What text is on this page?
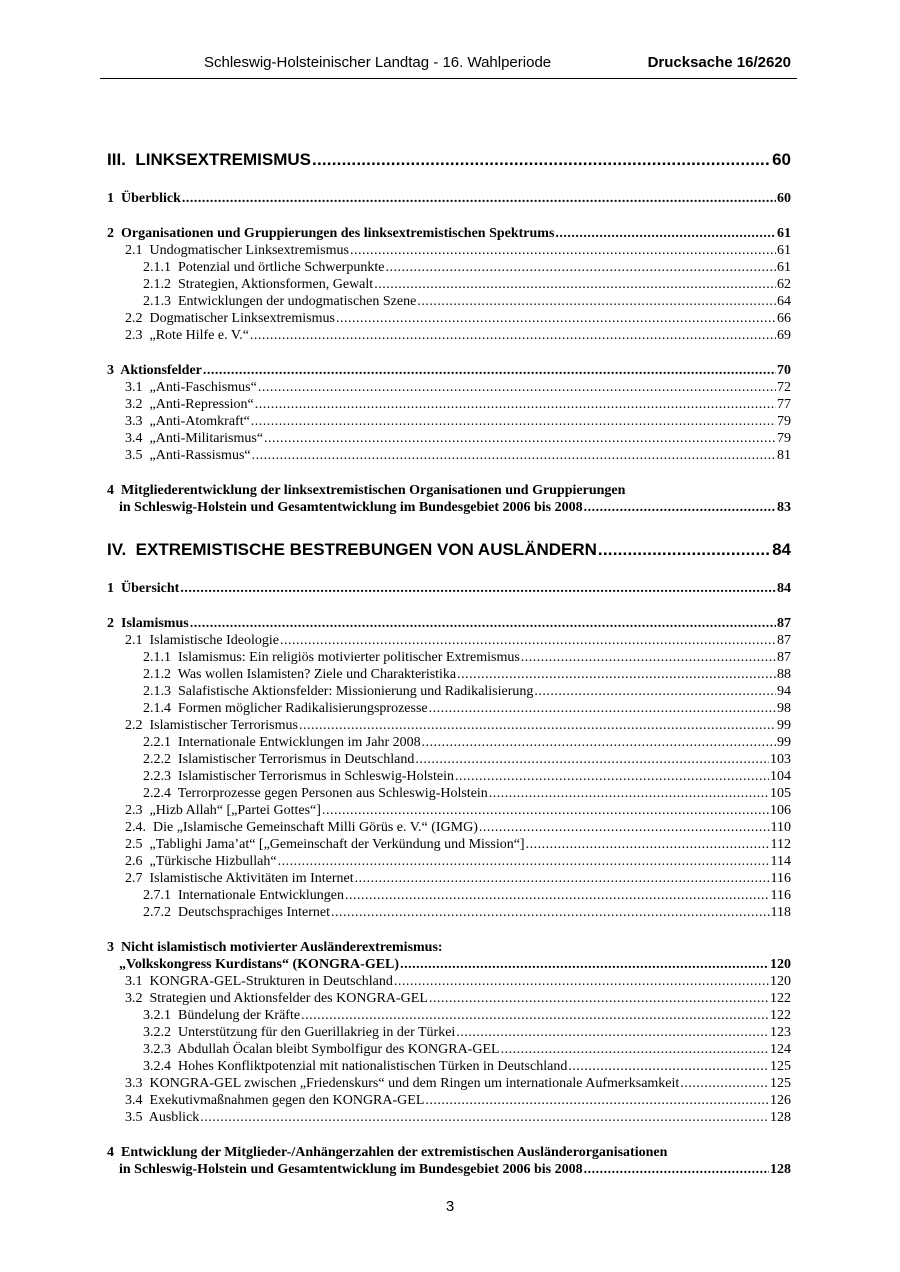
Schleswig-Holsteinischer Landtag - 16. Wahlperiode	Drucksache 16/2620
III.  LINKSEXTREMISMUS .....	60
1  Überblick .....	60
2  Organisationen und Gruppierungen des linksextremistischen Spektrums .....	61
2.1  Undogmatischer Linksextremismus .....	61
2.1.1  Potenzial und örtliche Schwerpunkte .....	61
2.1.2  Strategien, Aktionsformen, Gewalt .....	62
2.1.3  Entwicklungen der undogmatischen Szene .....	64
2.2  Dogmatischer Linksextremismus .....	66
2.3  „Rote Hilfe e. V.“ .....	69
3  Aktionsfelder .....	70
3.1  „Anti-Faschismus“ .....	72
3.2  „Anti-Repression“ .....	77
3.3  „Anti-Atomkraft“ .....	79
3.4  „Anti-Militarismus“ .....	79
3.5  „Anti-Rassismus“ .....	81
4  Mitgliederentwicklung der linksextremistischen Organisationen und Gruppierungen
in Schleswig-Holstein und Gesamtentwicklung im Bundesgebiet 2006 bis 2008 .....	83
IV.  EXTREMISTISCHE BESTREBUNGEN VON AUSLÄNDERN .....	84
1  Übersicht .....	84
2  Islamismus .....	87
2.1  Islamistische Ideologie .....	87
2.1.1  Islamismus: Ein religiös motivierter politischer Extremismus .....	87
2.1.2  Was wollen Islamisten? Ziele und Charakteristika .....	88
2.1.3  Salafistische Aktionsfelder: Missionierung und Radikalisierung .....	94
2.1.4  Formen möglicher Radikalisierungsprozesse .....	98
2.2  Islamistischer Terrorismus .....	99
2.2.1  Internationale Entwicklungen im Jahr 2008 .....	99
2.2.2  Islamistischer Terrorismus in Deutschland .....	103
2.2.3  Islamistischer Terrorismus in Schleswig-Holstein .....	104
2.2.4  Terrorprozesse gegen Personen aus Schleswig-Holstein .....	105
2.3  „Hizb Allah“ [„Partei Gottes“] .....	106
2.4.  Die „Islamische Gemeinschaft Milli Görüs e. V.“ (IGMG) .....	110
2.5  „Tablighi Jama’at“ [„Gemeinschaft der Verkündung und Mission“] .....	112
2.6  „Türkische Hizbullah“ .....	114
2.7  Islamistische Aktivitäten im Internet .....	116
2.7.1  Internationale Entwicklungen .....	116
2.7.2  Deutschsprachiges Internet .....	118
3  Nicht islamistisch motivierter Ausländerextremismus:
„Volkskongress Kurdistans“ (KONGRA-GEL) .....	120
3.1  KONGRA-GEL-Strukturen in Deutschland .....	120
3.2  Strategien und Aktionsfelder des KONGRA-GEL .....	122
3.2.1  Bündelung der Kräfte .....	122
3.2.2  Unterstützung für den Guerillakrieg in der Türkei .....	123
3.2.3  Abdullah Öcalan bleibt Symbolfigur des KONGRA-GEL .....	124
3.2.4  Hohes Konfliktpotenzial mit nationalistischen Türken in Deutschland .....	125
3.3  KONGRA-GEL zwischen „Friedenskurs“ und dem Ringen um internationale Aufmerksamkeit .....	125
3.4  Exekutivmaßnahmen gegen den KONGRA-GEL .....	126
3.5  Ausblick .....	128
4  Entwicklung der Mitglieder-/Anhängerzahlen der extremistischen Ausländerorganisationen
in Schleswig-Holstein und Gesamtentwicklung im Bundesgebiet 2006 bis 2008 .....	128
3
